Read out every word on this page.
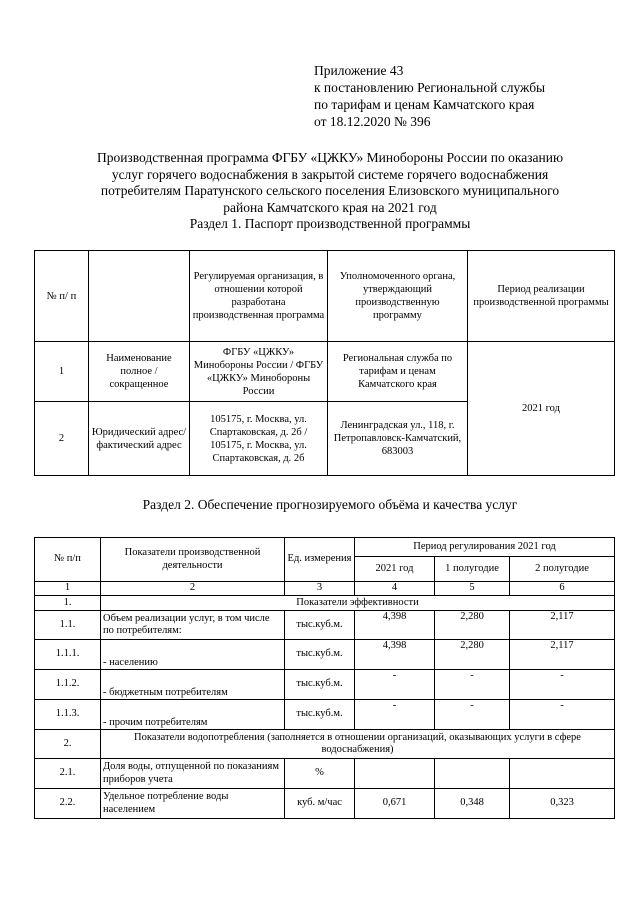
Приложение 43
к постановлению Региональной службы
по тарифам и ценам Камчатского края
от 18.12.2020 № 396
Производственная программа ФГБУ «ЦЖКУ» Минобороны России по оказанию
услуг горячего водоснабжения в закрытой системе горячего водоснабжения
потребителям Паратунского сельского поселения Елизовского муниципального
района Камчатского края на 2021 год
Раздел 1. Паспорт производственной программы
№ п/ п		Регулируемая организация, в отношении которой разработана производственная программа	Уполномоченного органа, утверждающий производственную программу	Период реализации производственной программы
1	Наименование полное / сокращенное	ФГБУ «ЦЖКУ» Минобороны России / ФГБУ «ЦЖКУ» Минобороны России	Региональная служба по тарифам и ценам Камчатского края	2021 год
2	Юридический адрес/фактический адрес	105175, г. Москва, ул. Спартаковская, д. 2б / 105175, г. Москва, ул. Спартаковская, д. 2б	Ленинградская ул., 118, г. Петропавловск-Камчатский, 683003	
Раздел 2. Обеспечение прогнозируемого объёма и качества услуг
№ п/п	Показатели производственной деятельности	Ед. измерения	Период регулирования 2021 год		
			2021 год	1 полугодие	2 полугодие
1	2	3	4	5	6
1.	Показатели эффективности				
1.1.	Объем реализации услуг, в том числе по потребителям:	тыс.куб.м.	4,398	2,280	2,117
1.1.1.	- населению	тыс.куб.м.	4,398	2,280	2,117
1.1.2.	- бюджетным потребителям	тыс.куб.м.	-	-	-
1.1.3.	- прочим потребителям	тыс.куб.м.	-	-	-
2.	Показатели водопотребления (заполняется в отношении организаций, оказывающих услуги в сфере водоснабжения)				
2.1.	Доля воды, отпущенной по показаниям приборов учета	%			
2.2.	Удельное потребление воды населением	куб. м/час	0,671	0,348	0,323
